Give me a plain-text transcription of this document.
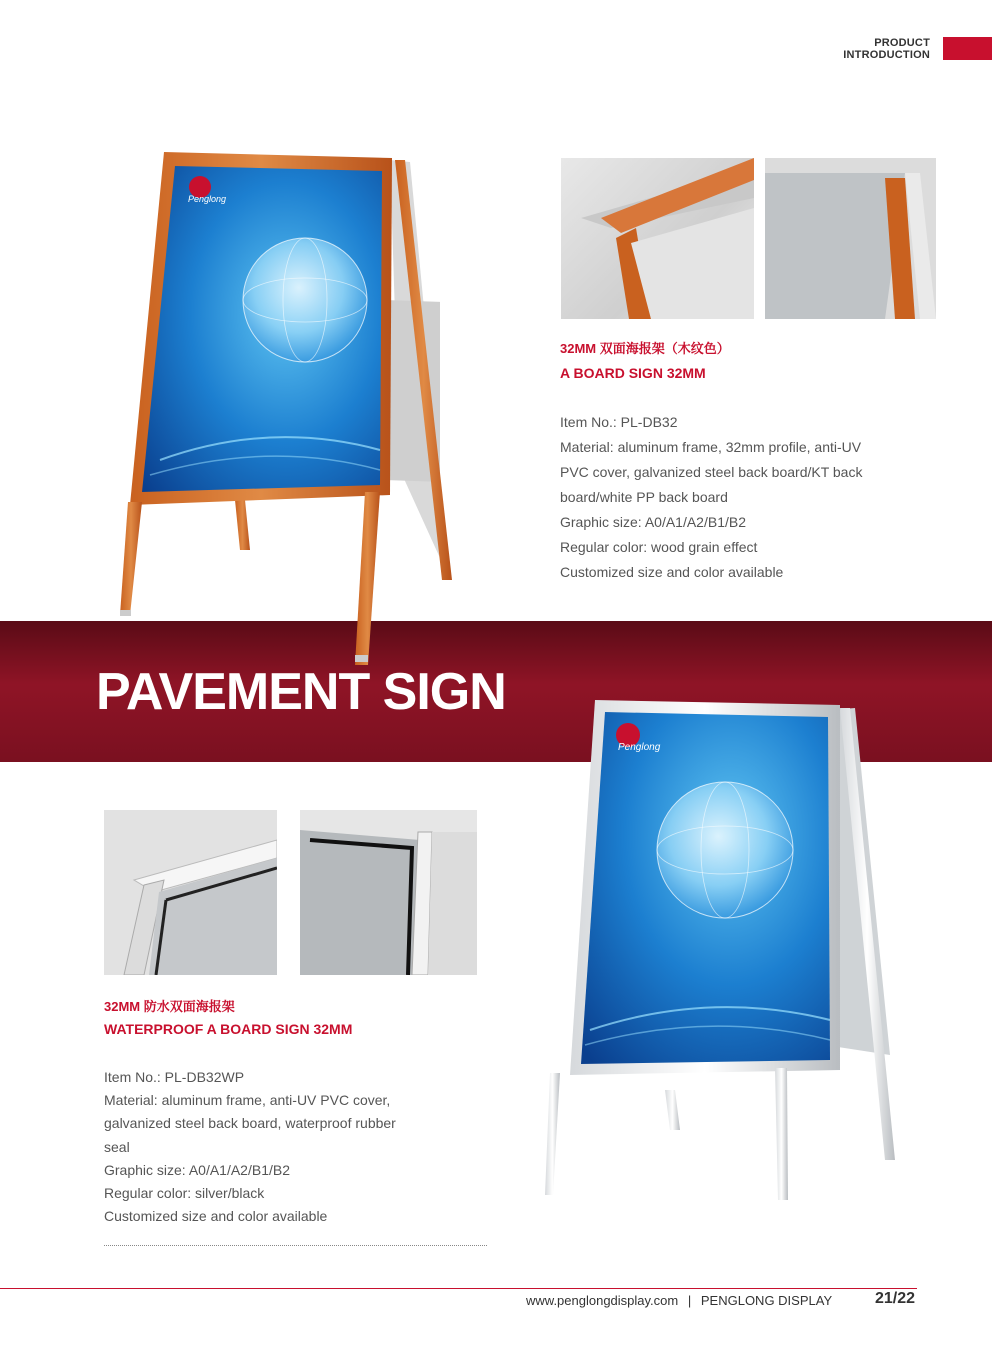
PRODUCT
INTRODUCTION
Penglong
PAVEMENT SIGN
32MM 双面海报架（木纹色）
A BOARD SIGN 32MM
Item No.: PL-DB32
Material: aluminum frame, 32mm profile, anti-UV
PVC cover, galvanized steel back board/KT back
board/white PP back board
Graphic size: A0/A1/A2/B1/B2
Regular color: wood grain effect
Customized size and color available
Penglong
32MM 防水双面海报架
WATERPROOF A BOARD SIGN 32MM
Item No.: PL-DB32WP
Material: aluminum frame, anti-UV PVC cover,
galvanized steel back board, waterproof rubber
seal
Graphic size: A0/A1/A2/B1/B2
Regular color: silver/black
Customized size and color available
www.penglongdisplay.com | PENGLONG DISPLAY	21/22
